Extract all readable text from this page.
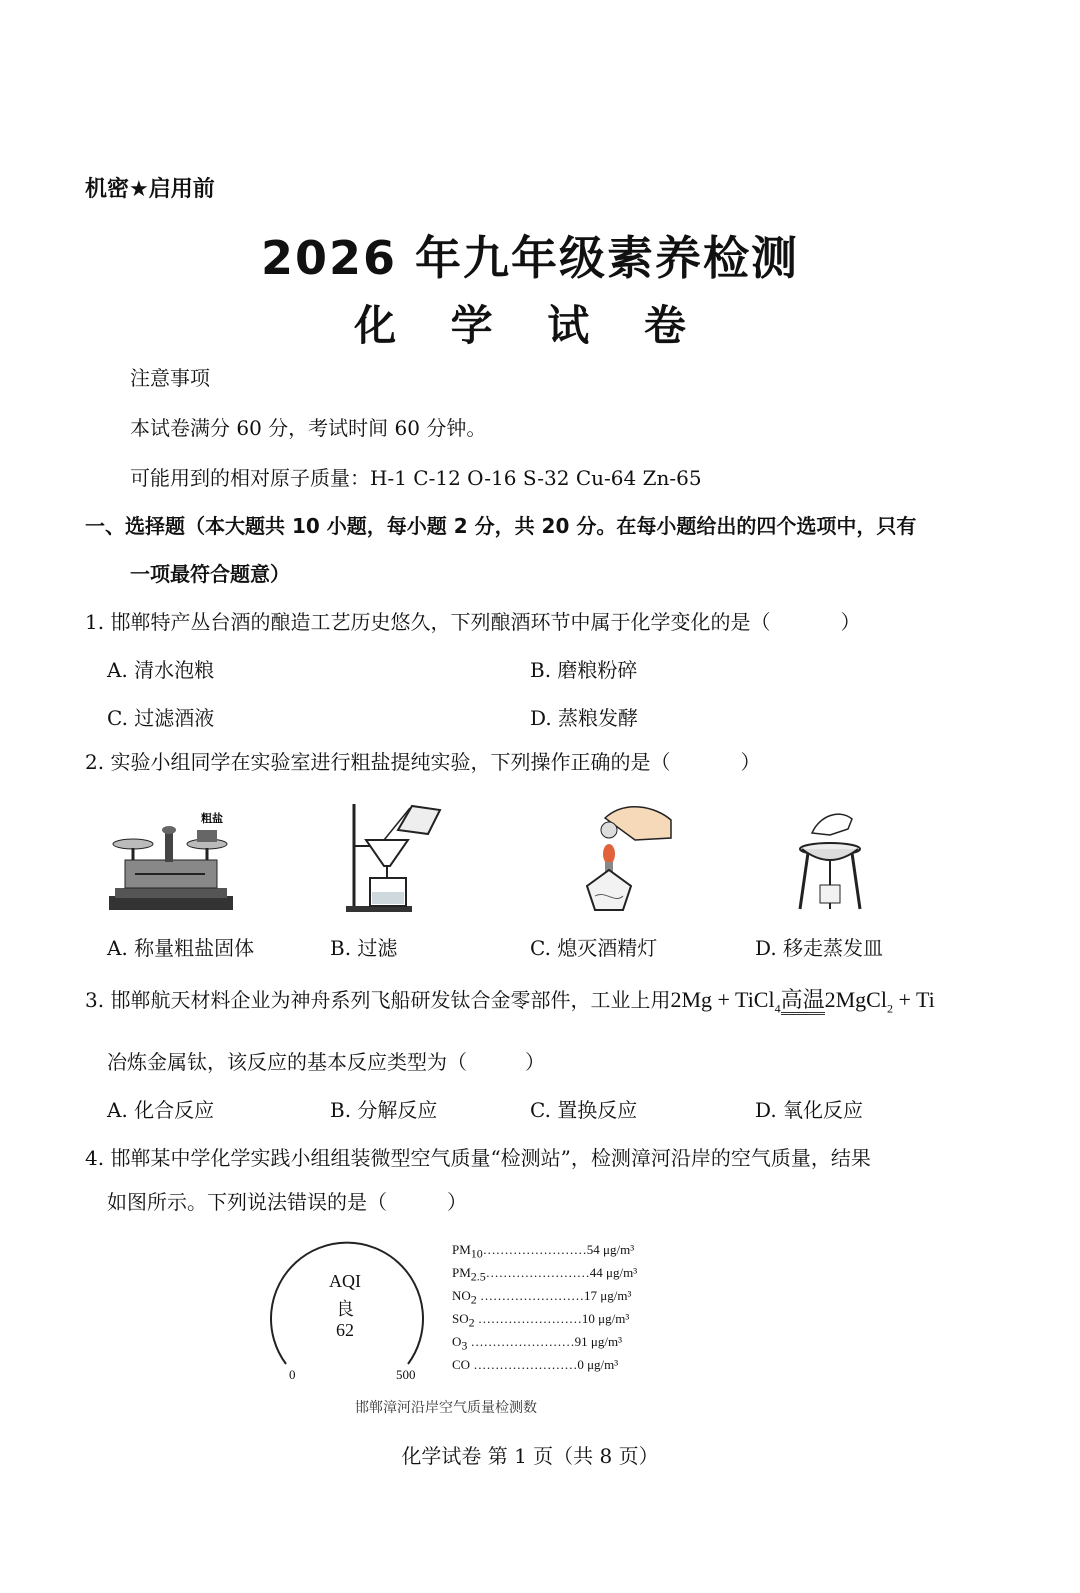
机密★启用前
2026 年九年级素养检测
化 学 试 卷
注意事项
本试卷满分 60 分，考试时间 60 分钟。
可能用到的相对原子质量：H-1 C-12 O-16 S-32 Cu-64 Zn-65
一、选择题（本大题共 10 小题，每小题 2 分，共 20 分。在每小题给出的四个选项中，只有
一项最符合题意）
1. 邯郸特产丛台酒的酿造工艺历史悠久，下列酿酒环节中属于化学变化的是（	）
A. 清水泡粮	B. 磨粮粉碎
C. 过滤酒液	D. 蒸粮发酵
2. 实验小组同学在实验室进行粗盐提纯实验，下列操作正确的是（	）
粗盐
A. 称量粗盐固体	B. 过滤	C. 熄灭酒精灯	D. 移走蒸发皿
3. 邯郸航天材料企业为神舟系列飞船研发钛合金零部件，工业上用2Mg + TiCl$_4$高温2MgCl$_2$ + Ti
冶炼金属钛，该反应的基本反应类型为（	）
A. 化合反应	B. 分解反应	C. 置换反应	D. 氧化反应
4. 邯郸某中学化学实践小组组装微型空气质量“检测站”，检测漳河沿岸的空气质量，结果
如图所示。下列说法错误的是（	）
AQI
良
62
0	500
$PM_{10}\dots\dots\dots\dots\dots\dots\dots\dots 54$ μg/m³
$PM_{2.5}\dots\dots\dots\dots\dots\dots\dots\dots 44$ μg/m³
$NO_2$ ……………………17 μg/m³
$SO_2$ ……………………10 μg/m³
$O_3$ ……………………91 μg/m³
CO ……………………0 μg/m³
邯郸漳河沿岸空气质量检测数
化学试卷 第 1 页（共 8 页）
